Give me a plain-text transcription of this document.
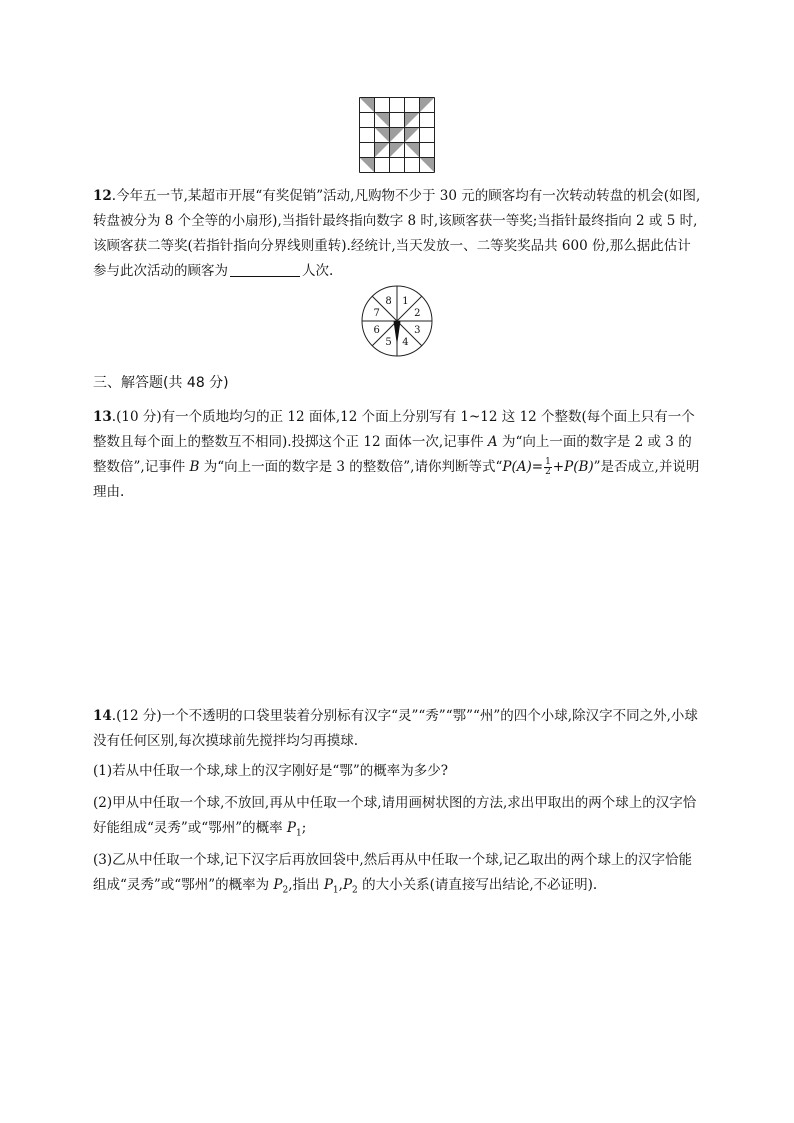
12.今年五一节,某超市开展“有奖促销”活动,凡购物不少于 30 元的顾客均有一次转动转盘的机会(如图,转盘被分为 8 个全等的小扇形),当指针最终指向数字 8 时,该顾客获一等奖;当指针最终指向 2 或 5 时,该顾客获二等奖(若指针指向分界线则重转).经统计,当天发放一、二等奖奖品共 600 份,那么据此估计参与此次活动的顾客为	人次.
1
2
3
4
5
6
7
8
三、解答题(共 48 分)
13.(10 分)有一个质地均匀的正 12 面体,12 个面上分别写有 1~12 这 12 个整数(每个面上只有一个整数且每个面上的整数互不相同).投掷这个正 12 面体一次,记事件 A 为“向上一面的数字是 2 或 3 的整数倍”,记事件 B 为“向上一面的数字是 3 的整数倍”,请你判断等式“$P(A)= \frac{1}{2} +P(B)$”是否成立,并说明理由.
14.(12 分)一个不透明的口袋里装着分别标有汉字“灵”“秀”“鄂”“州”的四个小球,除汉字不同之外,小球没有任何区别,每次摸球前先搅拌均匀再摸球.
(1)若从中任取一个球,球上的汉字刚好是“鄂”的概率为多少?
(2)甲从中任取一个球,不放回,再从中任取一个球,请用画树状图的方法,求出甲取出的两个球上的汉字恰好能组成“灵秀”或“鄂州”的概率 $P_1$;
(3)乙从中任取一个球,记下汉字后再放回袋中,然后再从中任取一个球,记乙取出的两个球上的汉字恰能组成“灵秀”或“鄂州”的概率为 $P_2$,指出 $P_1,P_2$ 的大小关系(请直接写出结论,不必证明).
